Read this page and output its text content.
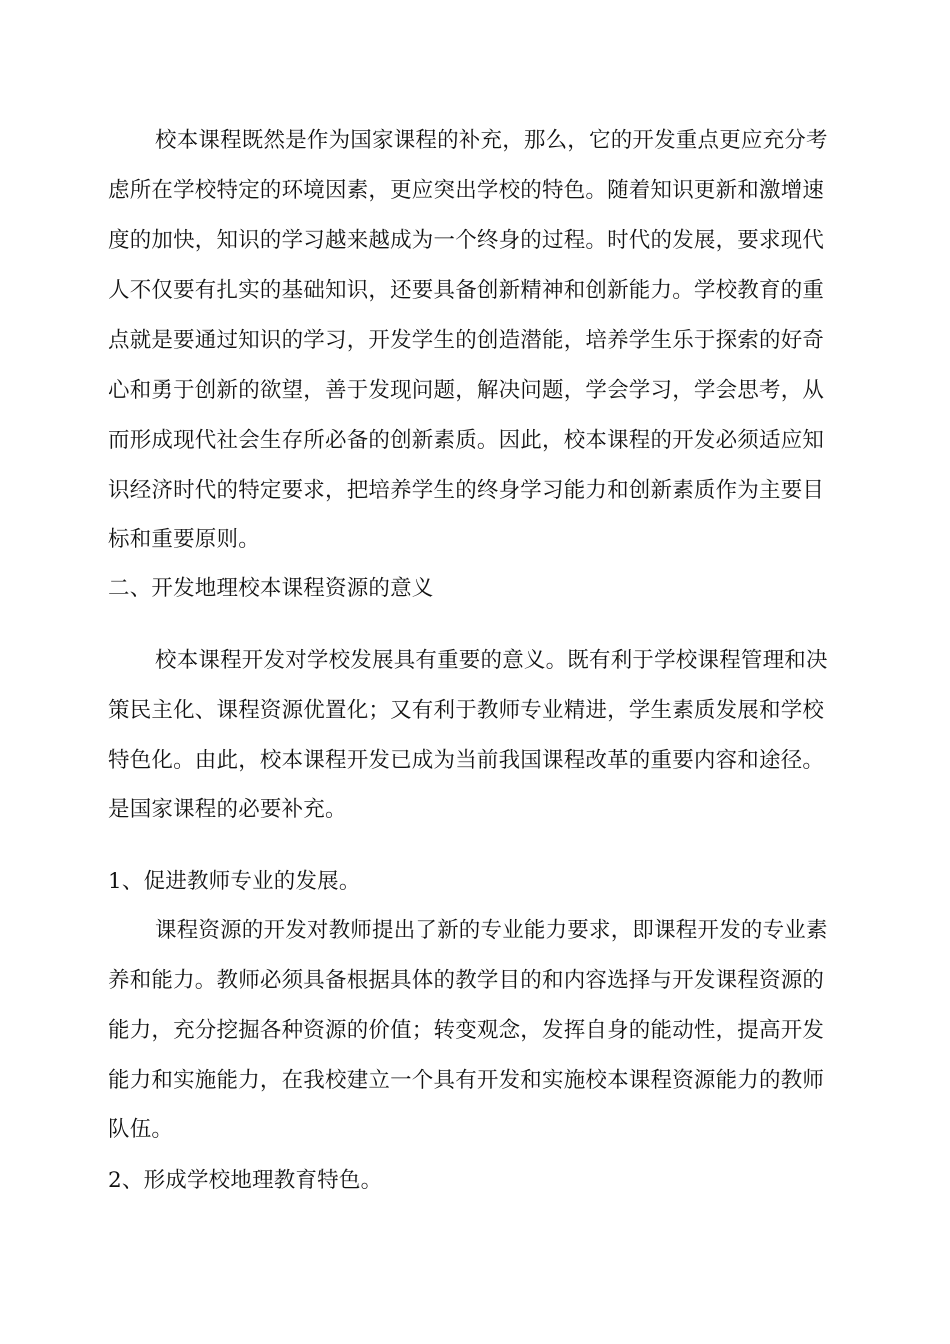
校本课程既然是作为国家课程的补充，那么，它的开发重点更应充分考
虑所在学校特定的环境因素，更应突出学校的特色。随着知识更新和激增速
度的加快，知识的学习越来越成为一个终身的过程。时代的发展，要求现代
人不仅要有扎实的基础知识，还要具备创新精神和创新能力。学校教育的重
点就是要通过知识的学习，开发学生的创造潜能，培养学生乐于探索的好奇
心和勇于创新的欲望，善于发现问题，解决问题，学会学习，学会思考，从
而形成现代社会生存所必备的创新素质。因此，校本课程的开发必须适应知
识经济时代的特定要求，把培养学生的终身学习能力和创新素质作为主要目
标和重要原则。
二、开发地理校本课程资源的意义
校本课程开发对学校发展具有重要的意义。既有利于学校课程管理和决
策民主化、课程资源优置化；又有利于教师专业精进，学生素质发展和学校
特色化。由此，校本课程开发已成为当前我国课程改革的重要内容和途径。
是国家课程的必要补充。
1、促进教师专业的发展。
课程资源的开发对教师提出了新的专业能力要求，即课程开发的专业素
养和能力。教师必须具备根据具体的教学目的和内容选择与开发课程资源的
能力，充分挖掘各种资源的价值；转变观念，发挥自身的能动性，提高开发
能力和实施能力，在我校建立一个具有开发和实施校本课程资源能力的教师
队伍。
2、形成学校地理教育特色。
